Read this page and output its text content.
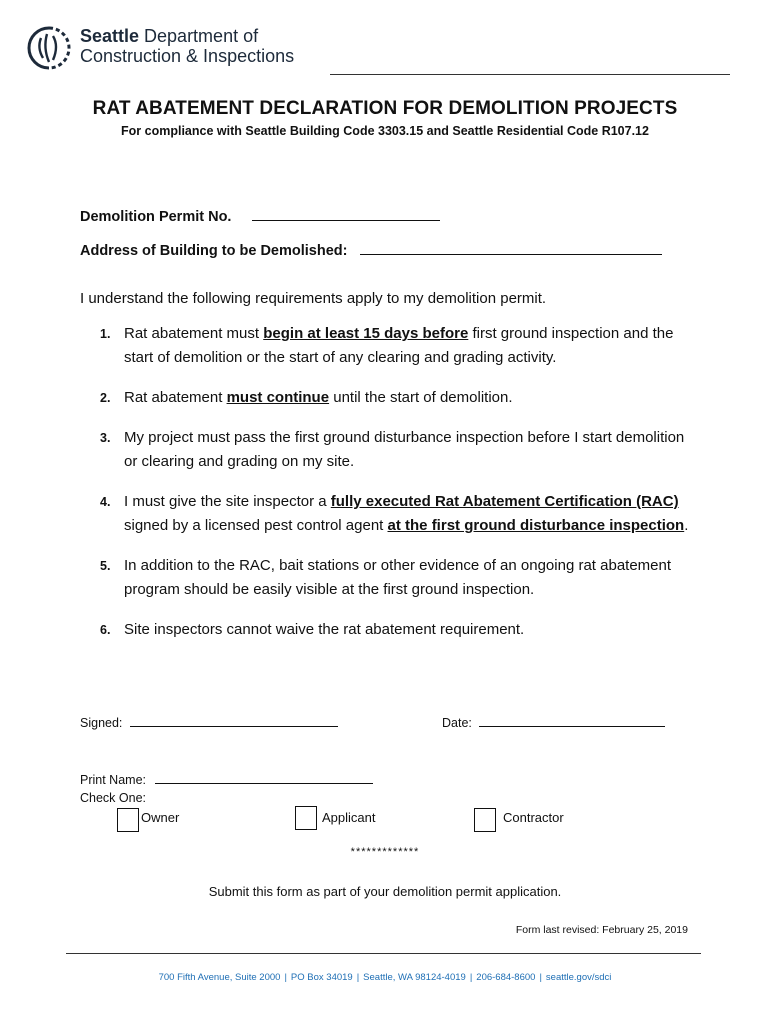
Seattle Department of
Construction & Inspections
RAT ABATEMENT DECLARATION FOR DEMOLITION PROJECTS
For compliance with Seattle Building Code 3303.15 and Seattle Residential Code R107.12
Demolition Permit No.
Address of Building to be Demolished:
I understand the following requirements apply to my demolition permit.
1. Rat abatement must begin at least 15 days before first ground inspection and the start of demolition or the start of any clearing and grading activity.
2. Rat abatement must continue until the start of demolition.
3. My project must pass the first ground disturbance inspection before I start demolition or clearing and grading on my site.
4. I must give the site inspector a fully executed Rat Abatement Certification (RAC) signed by a licensed pest control agent at the first ground disturbance inspection.
5. In addition to the RAC, bait stations or other evidence of an ongoing rat abatement program should be easily visible at the first ground inspection.
6. Site inspectors cannot waive the rat abatement requirement.
Signed:	Date:
Print Name:
Check One:
Owner	Applicant	Contractor
*************
Submit this form as part of your demolition permit application.
Form last revised: February 25, 2019
700 Fifth Avenue, Suite 2000 | PO Box 34019 | Seattle, WA 98124-4019 | 206-684-8600 | seattle.gov/sdci
